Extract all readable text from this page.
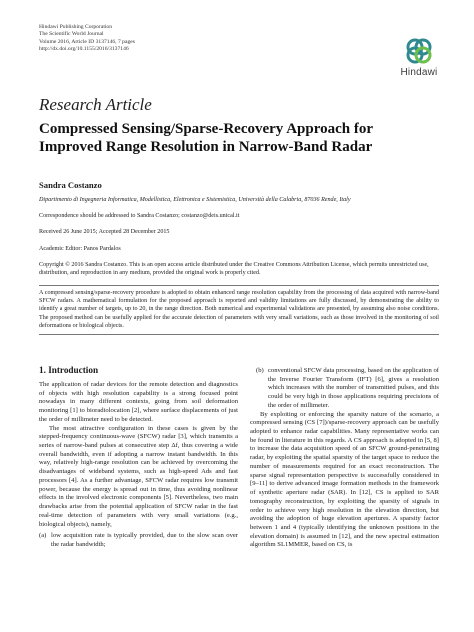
Hindawi Publishing Corporation
The Scientific World Journal
Volume 2016, Article ID 3137146, 7 pages
http://dx.doi.org/10.1155/2016/3137146
Hindawi
Research Article
Compressed Sensing/Sparse-Recovery Approach for Improved Range Resolution in Narrow-Band Radar
Sandra Costanzo
Dipartimento di Ingegneria Informatica, Modellistica, Elettronica e Sistemistica, Università della Calabria, 87036 Rende, Italy
Correspondence should be addressed to Sandra Costanzo; costanzo@deis.unical.it
Received 26 June 2015; Accepted 28 December 2015
Academic Editor: Panos Pardalos
Copyright © 2016 Sandra Costanzo. This is an open access article distributed under the Creative Commons Attribution License, which permits unrestricted use, distribution, and reproduction in any medium, provided the original work is properly cited.
A compressed sensing/sparse-recovery procedure is adopted to obtain enhanced range resolution capability from the processing of data acquired with narrow-band SFCW radars. A mathematical formulation for the proposed approach is reported and validity limitations are fully discussed, by demonstrating the ability to identify a great number of targets, up to 20, in the range direction. Both numerical and experimental validations are presented, by assuming also noise conditions. The proposed method can be usefully applied for the accurate detection of parameters with very small variations, such as those involved in the monitoring of soil deformations or biological objects.
1. Introduction

The application of radar devices for the remote detection and diagnostics of objects with high resolution capability is a strong focused point nowadays in many different contexts, going from soil deformation monitoring [1] to bioradiolocation [2], where surface displacements of just the order of millimeter need to be detected.

The most attractive configuration in these cases is given by the stepped-frequency continuous-wave (SFCW) radar [3], which transmits a series of narrow-band pulses at consecutive step Δf, thus covering a wide overall bandwidth, even if adopting a narrow instant bandwidth. In this way, relatively high-range resolution can be achieved by overcoming the disadvantages of wideband systems, such as high-speed Ads and fast processors [4]. As a further advantage, SFCW radar requires low transmit power, because the energy is spread out in time, thus avoiding nonlinear effects in the involved electronic components [5]. Nevertheless, two main drawbacks arise from the potential application of SFCW radar in the fast real-time detection of parameters with very small variations (e.g., biological objects), namely,

(a) low acquisition rate is typically provided, due to the slow scan over the radar bandwidth;
(b) conventional SFCW data processing, based on the application of the Inverse Fourier Transform (IFT) [6], gives a resolution which increases with the number of transmitted pulses, and this could be very high in those applications requiring precisions of the order of millimeter.

By exploiting or enforcing the sparsity nature of the scenario, a compressed sensing (CS [7])/sparse-recovery approach can be usefully adopted to enhance radar capabilities. Many representative works can be found in literature in this regards. A CS approach is adopted in [5, 8] to increase the data acquisition speed of an SFCW ground-penetrating radar, by exploiting the spatial sparsity of the target space to reduce the number of measurements required for an exact reconstruction. The sparse signal representation perspective is successfully considered in [9–11] to derive advanced image formation methods in the framework of synthetic aperture radar (SAR). In [12], CS is applied to SAR tomography reconstruction, by exploiting the sparsity of signals in order to achieve very high resolution in the elevation direction, but avoiding the adoption of huge elevation apertures. A sparsity factor between 1 and 4 (typically identifying the unknown positions in the elevation domain) is assumed in [12], and the new spectral estimation algorithm SL1MMER, based on CS, is
